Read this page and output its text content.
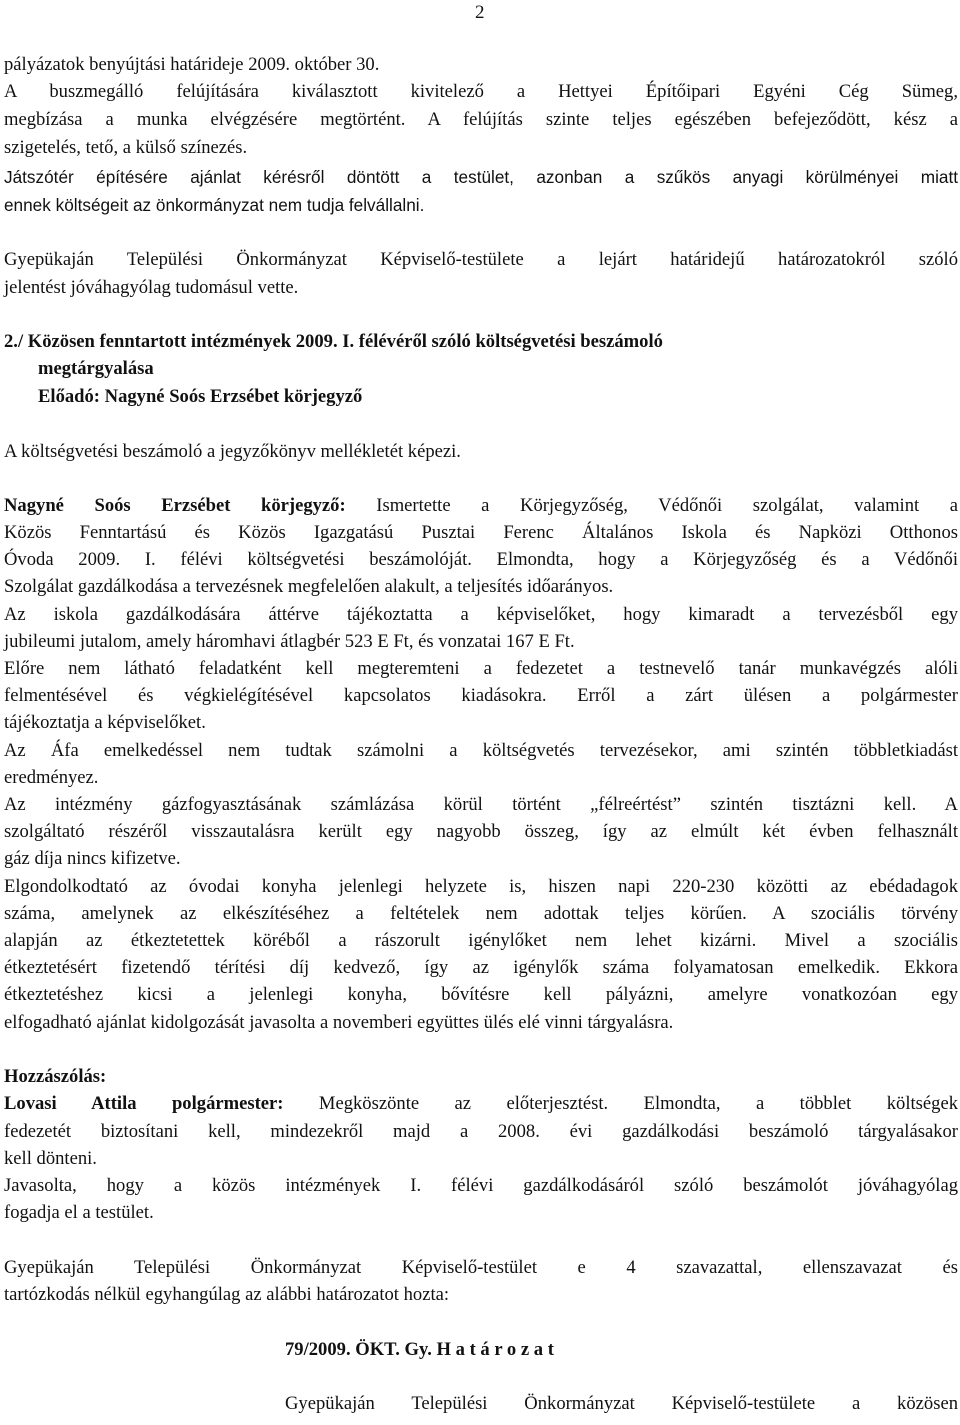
2
pályázatok benyújtási határideje 2009. október 30.
A buszmegálló felújítására kiválasztott kivitelező a Hettyei Építőipari Egyéni Cég Sümeg,
megbízása a munka elvégzésére megtörtént. A felújítás szinte teljes egészében befejeződött, kész a
szigetelés, tető, a külső színezés.
Játszótér építésére ajánlat kérésről döntött a testület, azonban a szűkös anyagi körülményei miatt
ennek költségeit az önkormányzat nem tudja felvállalni.
Gyepükaján Települési Önkormányzat Képviselő-testülete a lejárt határidejű határozatokról szóló
jelentést jóváhagyólag tudomásul vette.
2./ Közösen fenntartott intézmények 2009. I. félévéről szóló költségvetési beszámoló
megtárgyalása
Előadó: Nagyné Soós Erzsébet körjegyző
A költségvetési beszámoló a jegyzőkönyv mellékletét képezi.
Nagyné Soós Erzsébet körjegyző: Ismertette a Körjegyzőség, Védőnői szolgálat, valamint a
Közös Fenntartású és Közös Igazgatású Pusztai Ferenc Általános Iskola és Napközi Otthonos
Óvoda 2009. I. félévi költségvetési beszámolóját. Elmondta, hogy a Körjegyzőség és a Védőnői
Szolgálat gazdálkodása a tervezésnek megfelelően alakult, a teljesítés időarányos.
Az iskola gazdálkodására áttérve tájékoztatta a képviselőket, hogy kimaradt a tervezésből egy
jubileumi jutalom, amely háromhavi átlagbér 523 E Ft, és vonzatai 167 E Ft.
Előre nem látható feladatként kell megteremteni a fedezetet a testnevelő tanár munkavégzés alóli
felmentésével és végkielégítésével kapcsolatos kiadásokra. Erről a zárt ülésen a polgármester
tájékoztatja a képviselőket.
Az Áfa emelkedéssel nem tudtak számolni a költségvetés tervezésekor, ami szintén többletkiadást
eredményez.
Az intézmény gázfogyasztásának számlázása körül történt „félreértést” szintén tisztázni kell. A
szolgáltató részéről visszautalásra került egy nagyobb összeg, így az elmúlt két évben felhasznált
gáz díja nincs kifizetve.
Elgondolkodtató az óvodai konyha jelenlegi helyzete is, hiszen napi 220-230 közötti az ebédadagok
száma, amelynek az elkészítéséhez a feltételek nem adottak teljes körűen. A szociális törvény
alapján az étkeztetettek köréből a rászorult igénylőket nem lehet kizárni. Mivel a szociális
étkeztetésért fizetendő térítési díj kedvező, így az igénylők száma folyamatosan emelkedik. Ekkora
étkeztetéshez kicsi a jelenlegi konyha, bővítésre kell pályázni, amelyre vonatkozóan egy
elfogadható ajánlat kidolgozását javasolta a novemberi együttes ülés elé vinni tárgyalásra.
Hozzászólás:
Lovasi Attila polgármester: Megköszönte az előterjesztést. Elmondta, a többlet költségek
fedezetét biztosítani kell, mindezekről majd a 2008. évi gazdálkodási beszámoló tárgyalásakor
kell dönteni.
Javasolta, hogy a közös intézmények I. félévi gazdálkodásáról szóló beszámolót jóváhagyólag
fogadja el a testület.
Gyepükaján Települési Önkormányzat Képviselő-testület e 4 szavazattal, ellenszavazat és
tartózkodás nélkül egyhangúlag az alábbi határozatot hozta:
79/2009. ÖKT. Gy. H a t á r o z a t
Gyepükaján Települési Önkormányzat Képviselő-testülete a közösen
